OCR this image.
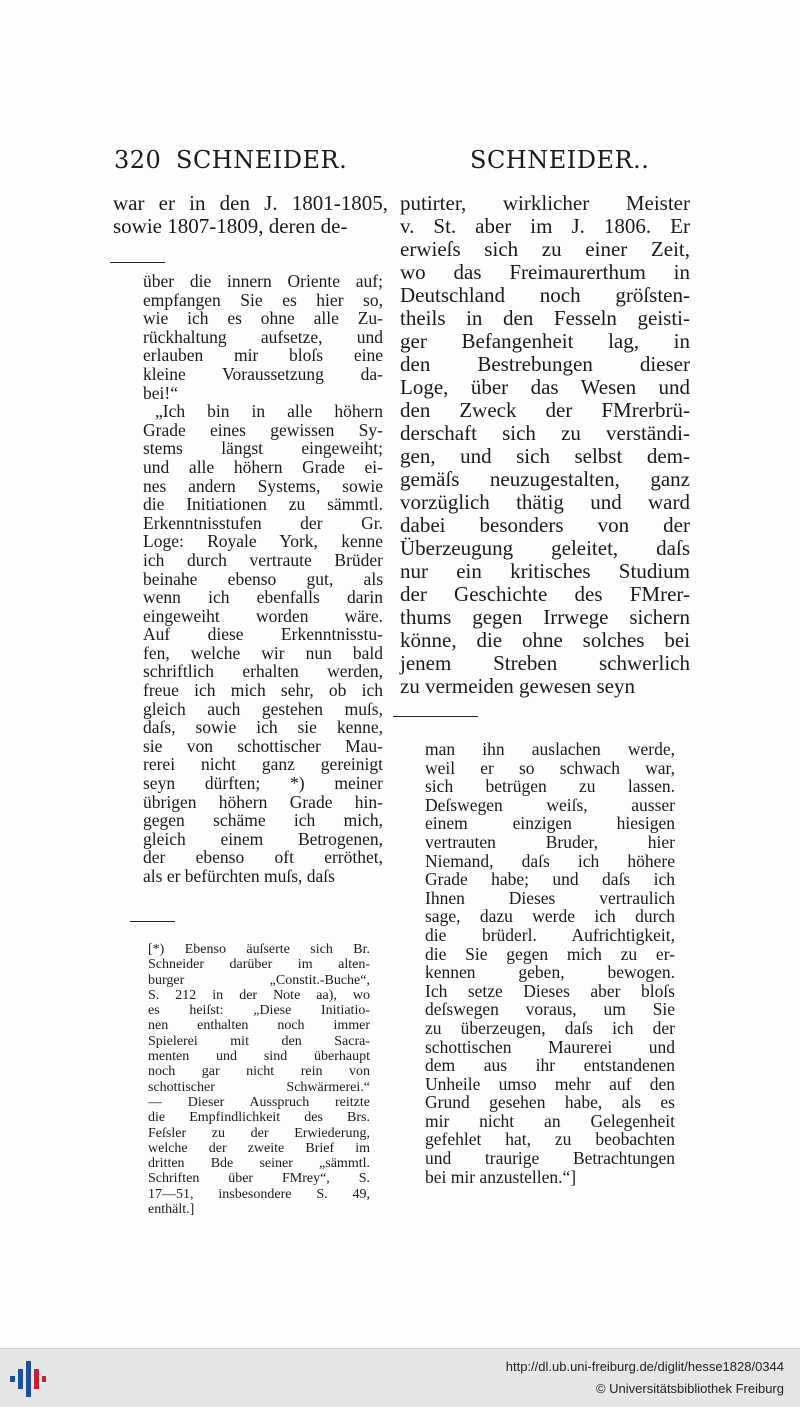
320 SCHNEIDER.	SCHNEIDER..
war er in den J. 1801-1805,
sowie 1807-1809, deren de-
über die innern Oriente auf;
empfangen Sie es hier so,
wie ich es ohne alle Zu-
rückhaltung aufsetze, und
erlauben mir bloſs eine
kleine Voraussetzung da-
bei!“
„Ich bin in alle höhern
Grade eines gewissen Sy-
stems längst eingeweiht;
und alle höhern Grade ei-
nes andern Systems, sowie
die Initiationen zu sämmtl.
Erkenntnisstufen der Gr.
Loge: Royale York, kenne
ich durch vertraute Brüder
beinahe ebenso gut, als
wenn ich ebenfalls darin
eingeweiht worden wäre.
Auf diese Erkenntnisstu-
fen, welche wir nun bald
schriftlich erhalten werden,
freue ich mich sehr, ob ich
gleich auch gestehen muſs,
daſs, sowie ich sie kenne,
sie von schottischer Mau-
rerei nicht ganz gereinigt
seyn dürften; *) meiner
übrigen höhern Grade hin-
gegen schäme ich mich,
gleich einem Betrogenen,
der ebenso oft erröthet,
als er befürchten muſs, daſs
[*) Ebenso äuſserte sich Br.
Schneider darüber im alten-
burger „Constit.-Buche“,
S. 212 in der Note aa), wo
es heiſst: „Diese Initiatio-
nen enthalten noch immer
Spielerei mit den Sacra-
menten und sind überhaupt
noch gar nicht rein von
schottischer Schwärmerei.“
— Dieser Ausspruch reitzte
die Empfindlichkeit des Brs.
Feſsler zu der Erwiederung,
welche der zweite Brief im
dritten Bde seiner „sämmtl.
Schriften über FMrey“, S.
17—51, insbesondere S. 49,
enthält.]
putirter, wirklicher Meister
v. St. aber im J. 1806. Er
erwieſs sich zu einer Zeit,
wo das Freimaurerthum in
Deutschland noch gröſsten-
theils in den Fesseln geisti-
ger Befangenheit lag, in
den Bestrebungen dieser
Loge, über das Wesen und
den Zweck der FMrerbrü-
derschaft sich zu verständi-
gen, und sich selbst dem-
gemäſs neuzugestalten, ganz
vorzüglich thätig und ward
dabei besonders von der
Überzeugung geleitet, daſs
nur ein kritisches Studium
der Geschichte des FMrer-
thums gegen Irrwege sichern
könne, die ohne solches bei
jenem Streben schwerlich
zu vermeiden gewesen seyn
man ihn auslachen werde,
weil er so schwach war,
sich betrügen zu lassen.
Deſswegen weiſs, ausser
einem einzigen hiesigen
vertrauten Bruder, hier
Niemand, daſs ich höhere
Grade habe; und daſs ich
Ihnen Dieses vertraulich
sage, dazu werde ich durch
die brüderl. Aufrichtigkeit,
die Sie gegen mich zu er-
kennen geben, bewogen.
Ich setze Dieses aber bloſs
deſswegen voraus, um Sie
zu überzeugen, daſs ich der
schottischen Maurerei und
dem aus ihr entstandenen
Unheile umso mehr auf den
Grund gesehen habe, als es
mir nicht an Gelegenheit
gefehlet hat, zu beobachten
und traurige Betrachtungen
bei mir anzustellen.“]
http://dl.ub.uni-freiburg.de/diglit/hesse1828/0344
© Universitätsbibliothek Freiburg
